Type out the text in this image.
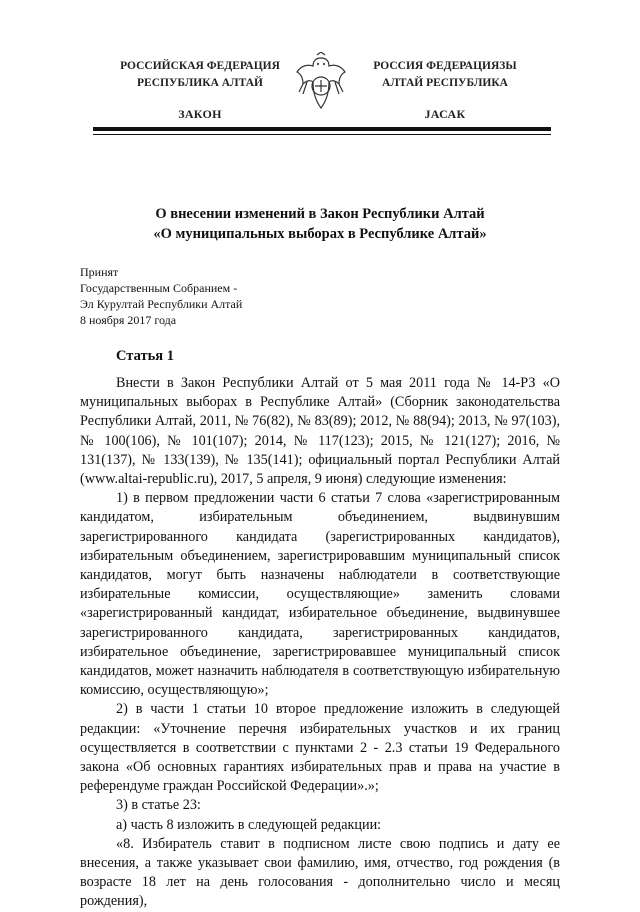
РОССИЙСКАЯ ФЕДЕРАЦИЯ
РЕСПУБЛИКА АЛТАЙ
ЗАКОН
РОССИЯ ФЕДЕРАЦИЯЗЫ
АЛТАЙ РЕСПУБЛИКА
JАСАК
О внесении изменений в Закон Республики Алтай
«О муниципальных выборах в Республике Алтай»
Принят
Государственным Собранием -
Эл Курултай Республики Алтай
8 ноября 2017 года
Статья 1

Внести в Закон Республики Алтай от 5 мая 2011 года № 14-РЗ «О муниципальных выборах в Республике Алтай» (Сборник законодательства Республики Алтай, 2011, № 76(82), № 83(89); 2012, № 88(94); 2013, № 97(103), № 100(106), № 101(107); 2014, № 117(123); 2015, № 121(127); 2016, № 131(137), № 133(139), № 135(141); официальный портал Республики Алтай (www.altai-republic.ru), 2017, 5 апреля, 9 июня) следующие изменения:

1) в первом предложении части 6 статьи 7 слова «зарегистрированным кандидатом, избирательным объединением, выдвинувшим зарегистрированного кандидата (зарегистрированных кандидатов), избирательным объединением, зарегистрировавшим муниципальный список кандидатов, могут быть назначены наблюдатели в соответствующие избирательные комиссии, осуществляющие» заменить словами «зарегистрированный кандидат, избирательное объединение, выдвинувшее зарегистрированного кандидата, зарегистрированных кандидатов, избирательное объединение, зарегистрировавшее муниципальный список кандидатов, может назначить наблюдателя в соответствующую избирательную комиссию, осуществляющую»;

2) в части 1 статьи 10 второе предложение изложить в следующей редакции: «Уточнение перечня избирательных участков и их границ осуществляется в соответствии с пунктами 2 - 2.3 статьи 19 Федерального закона «Об основных гарантиях избирательных прав и права на участие в референдуме граждан Российской Федерации».»;

3) в статье 23:

а) часть 8 изложить в следующей редакции:

«8. Избиратель ставит в подписном листе свою подпись и дату ее внесения, а также указывает свои фамилию, имя, отчество, год рождения (в возрасте 18 лет на день голосования - дополнительно число и месяц рождения),
